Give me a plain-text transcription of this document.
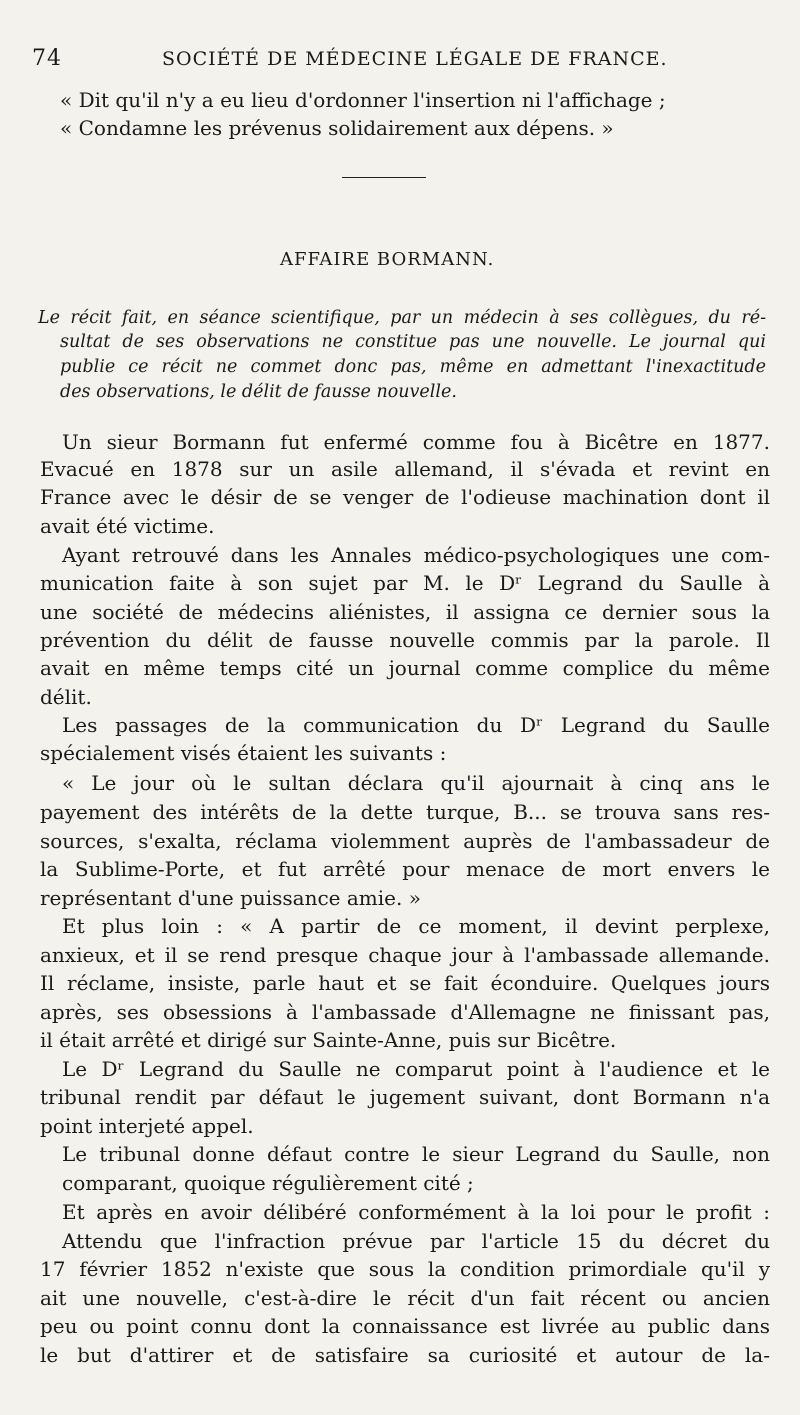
74	SOCIÉTÉ DE MÉDECINE LÉGALE DE FRANCE.
« Dit qu'il n'y a eu lieu d'ordonner l'insertion ni l'affichage ;
« Condamne les prévenus solidairement aux dépens. »
AFFAIRE BORMANN.
Le récit fait, en séance scientifique, par un médecin à ses collègues, du ré-
sultat de ses observations ne constitue pas une nouvelle. Le journal qui
publie ce récit ne commet donc pas, même en admettant l'inexactitude
des observations, le délit de fausse nouvelle.
Un sieur Bormann fut enfermé comme fou à Bicêtre en 1877.
Evacué en 1878 sur un asile allemand, il s'évada et revint en
France avec le désir de se venger de l'odieuse machination dont il
avait été victime.
Ayant retrouvé dans les Annales médico-psychologiques une com-
munication faite à son sujet par M. le Dʳ Legrand du Saulle à
une société de médecins aliénistes, il assigna ce dernier sous la
prévention du délit de fausse nouvelle commis par la parole. Il
avait en même temps cité un journal comme complice du même
délit.
Les passages de la communication du Dʳ Legrand du Saulle
spécialement visés étaient les suivants :
« Le jour où le sultan déclara qu'il ajournait à cinq ans le
payement des intérêts de la dette turque, B... se trouva sans res-
sources, s'exalta, réclama violemment auprès de l'ambassadeur de
la Sublime-Porte, et fut arrêté pour menace de mort envers le
représentant d'une puissance amie. »
Et plus loin : « A partir de ce moment, il devint perplexe,
anxieux, et il se rend presque chaque jour à l'ambassade allemande.
Il réclame, insiste, parle haut et se fait éconduire. Quelques jours
après, ses obsessions à l'ambassade d'Allemagne ne finissant pas,
il était arrêté et dirigé sur Sainte-Anne, puis sur Bicêtre.
Le Dʳ Legrand du Saulle ne comparut point à l'audience et le
tribunal rendit par défaut le jugement suivant, dont Bormann n'a
point interjeté appel.
Le tribunal donne défaut contre le sieur Legrand du Saulle, non
comparant, quoique régulièrement cité ;
Et après en avoir délibéré conformément à la loi pour le profit :
Attendu que l'infraction prévue par l'article 15 du décret du
17 février 1852 n'existe que sous la condition primordiale qu'il y
ait une nouvelle, c'est-à-dire le récit d'un fait récent ou ancien
peu ou point connu dont la connaissance est livrée au public dans
le but d'attirer et de satisfaire sa curiosité et autour de la-
